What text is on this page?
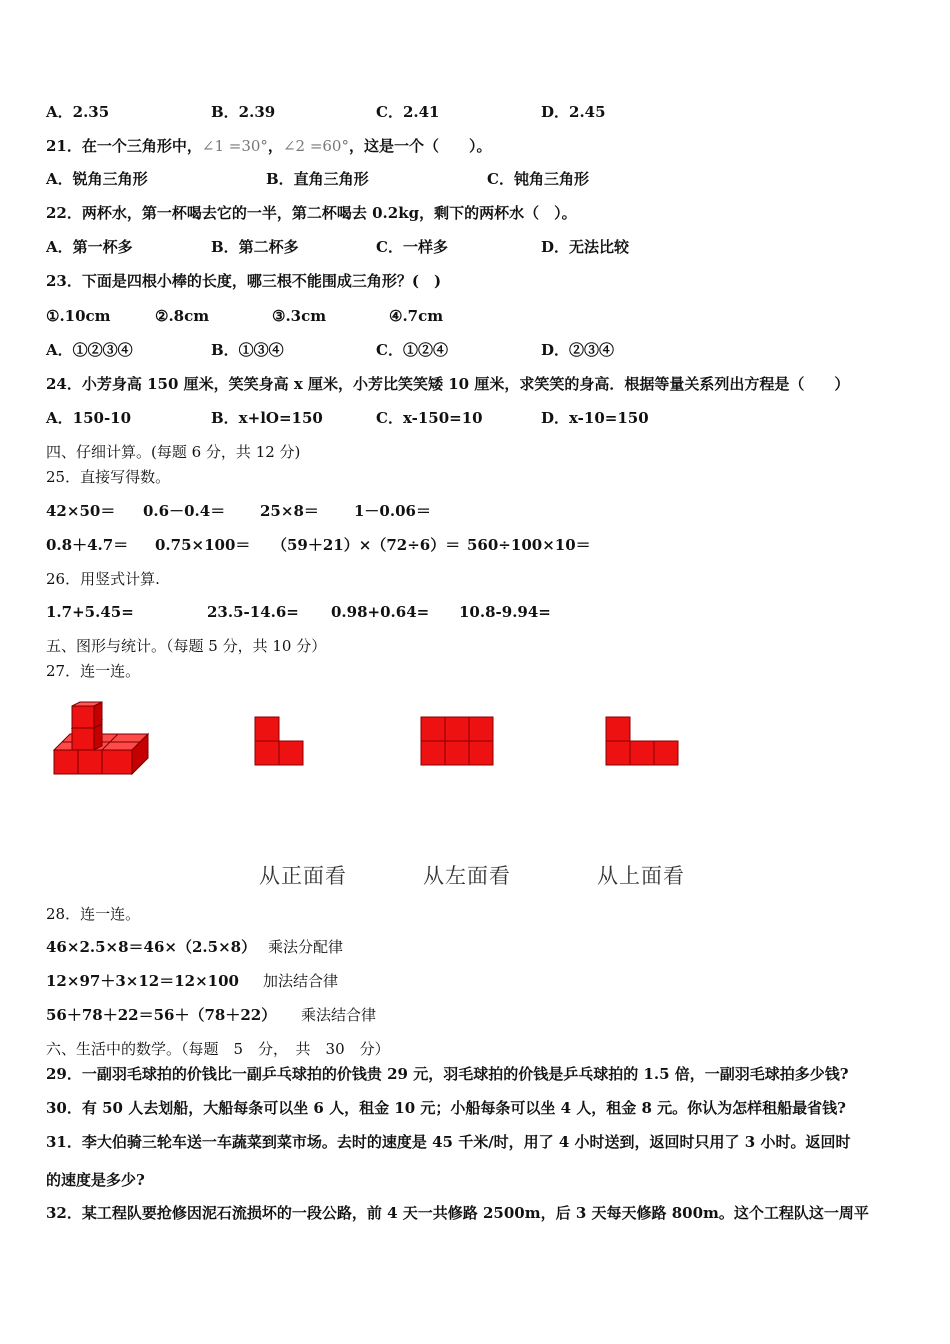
A．2.35	B．2.39	C．2.41	D．2.45
21．在一个三角形中，∠1 =30°，∠2 =60°，这是一个（　　）。
A．锐角三角形	B．直角三角形	C．钝角三角形
22．两杯水，第一杯喝去它的一半，第二杯喝去 0.2kg，剩下的两杯水（　）。
A．第一杯多	B．第二杯多	C．一样多	D．无法比较
23．下面是四根小棒的长度，哪三根不能围成三角形？(　)
①.10cm	②.8cm	③.3cm	④.7cm
A．①②③④	B．①③④	C．①②④	D．②③④
24．小芳身高 150 厘米，笑笑身高 x 厘米，小芳比笑笑矮 10 厘米，求笑笑的身高．根据等量关系列出方程是（　　）
A．150-10	B．x+lO=150	C．x-150=10	D．x-10=150
四、仔细计算。(每题 6 分，共 12 分)
25．直接写得数。
42×50＝ 0.6－0.4＝ 25×8＝ 1－0.06＝
0.8＋4.7＝ 0.75×100＝ （59＋21）×（72÷6）＝ 560÷100×10＝
26．用竖式计算.
1.7+5.45=	23.5-14.6= 0.98+0.64= 10.8-9.94=
五、图形与统计。（每题 5 分，共 10 分）
27．连一连。
从正面看	从左面看	从上面看
28．连一连。
46×2.5×8＝46×（2.5×8） 乘法分配律
12×97＋3×12＝12×100 加法结合律
56＋78＋22＝56＋（78＋22） 乘法结合律
六、生活中的数学。（每题　5　分，　共　30　分）
29．一副羽毛球拍的价钱比一副乒乓球拍的价钱贵 29 元，羽毛球拍的价钱是乒乓球拍的 1.5 倍，一副羽毛球拍多少钱?
30．有 50 人去划船，大船每条可以坐 6 人，租金 10 元；小船每条可以坐 4 人，租金 8 元。你认为怎样租船最省钱?
31．李大伯骑三轮车送一车蔬菜到菜市场。去时的速度是 45 千米/时，用了 4 小时送到，返回时只用了 3 小时。返回时
的速度是多少?
32．某工程队要抢修因泥石流损坏的一段公路，前 4 天一共修路 2500m，后 3 天每天修路 800m。这个工程队这一周平
